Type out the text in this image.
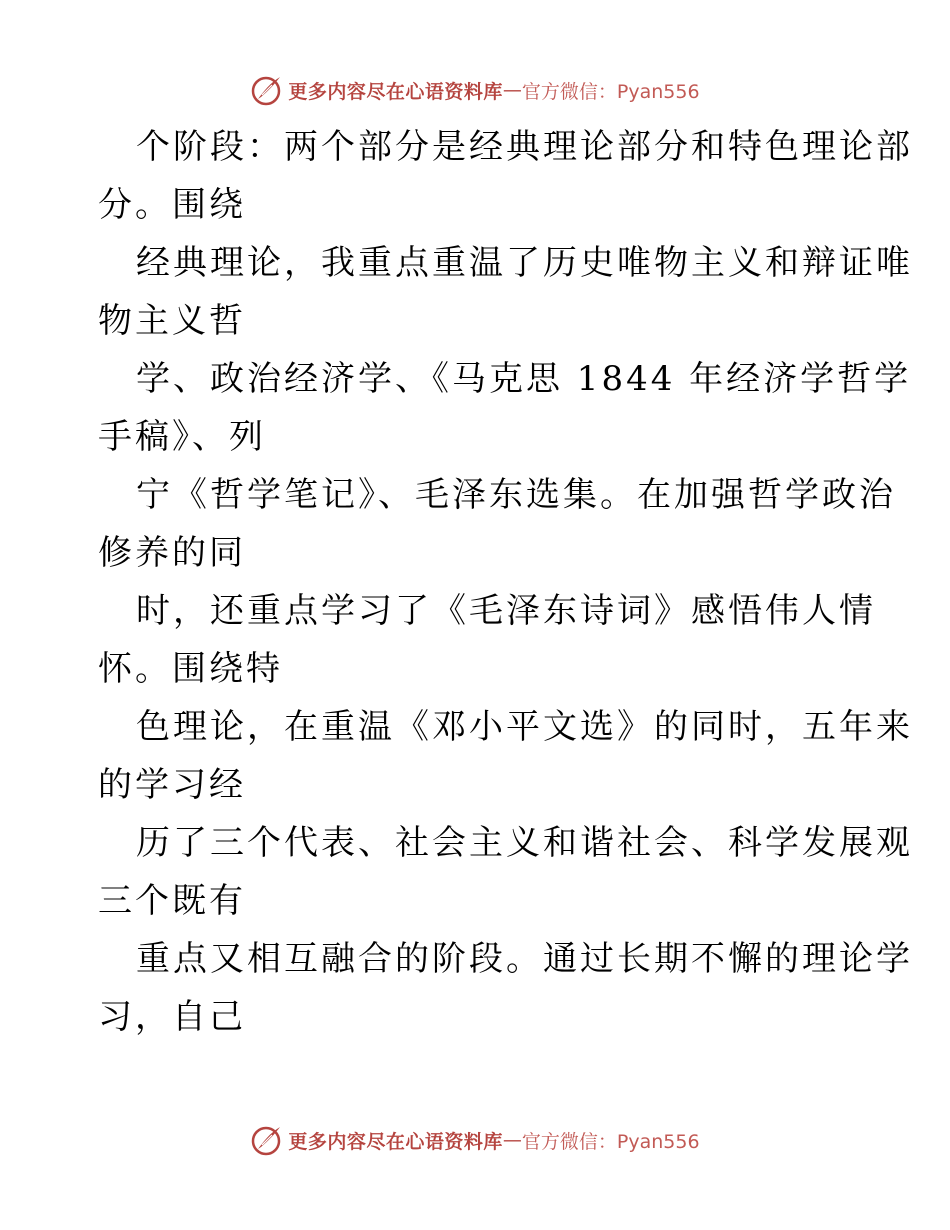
更多内容尽在心语资料库 — 官方微信：Pyan556
个阶段：两个部分是经典理论部分和特色理论部
分。围绕
经典理论，我重点重温了历史唯物主义和辩证唯
物主义哲
学、政治经济学、《马克思 1844 年经济学哲学
手稿》、列
宁《哲学笔记》、毛泽东选集。在加强哲学政治
修养的同
时，还重点学习了《毛泽东诗词》感悟伟人情
怀。围绕特
色理论，在重温《邓小平文选》的同时，五年来
的学习经
历了三个代表、社会主义和谐社会、科学发展观
三个既有
重点又相互融合的阶段。通过长期不懈的理论学
习，自己
更多内容尽在心语资料库 — 官方微信：Pyan556
